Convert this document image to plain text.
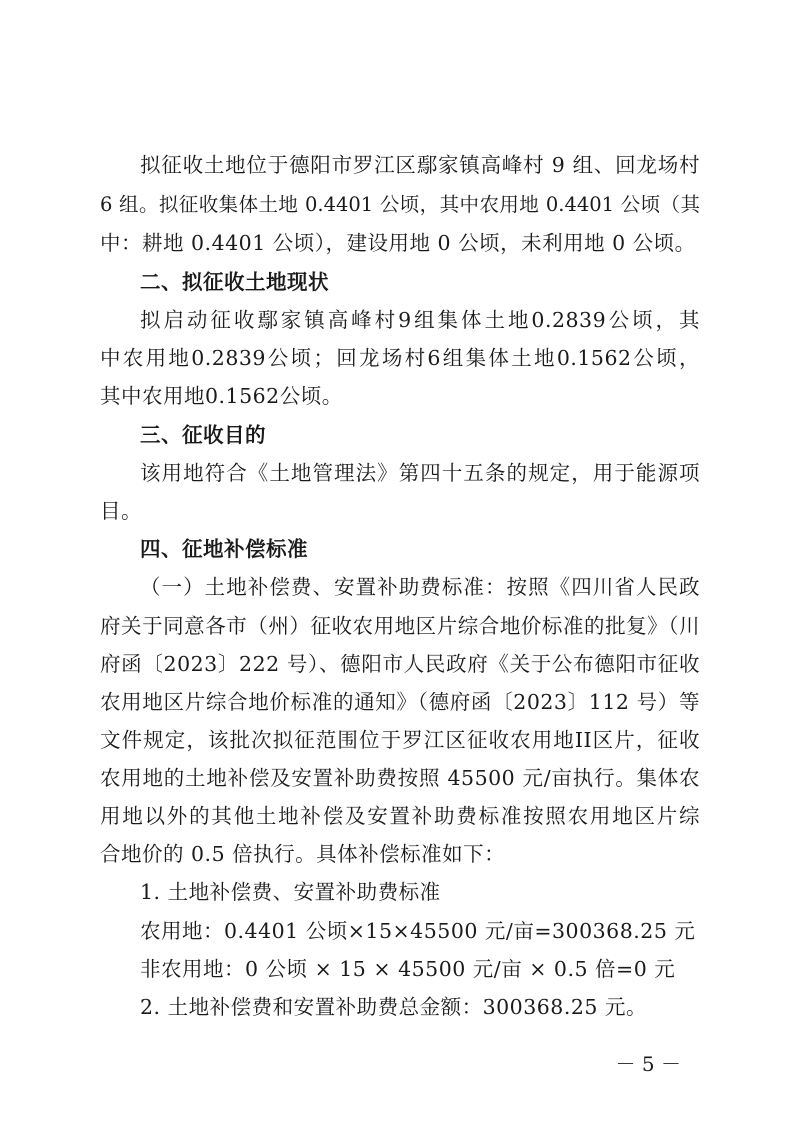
拟征收土地位于德阳市罗江区鄢家镇高峰村 9 组、回龙场村
6 组。拟征收集体土地 0.4401 公顷，其中农用地 0.4401 公顷（其
中：耕地 0.4401 公顷），建设用地 0 公顷，未利用地 0 公顷。
二、拟征收土地现状
拟启动征收鄢家镇高峰村9组集体土地0.2839公顷，其
中农用地0.2839公顷；回龙场村6组集体土地0.1562公顷，
其中农用地0.1562公顷。
三、征收目的
该用地符合《土地管理法》第四十五条的规定，用于能源项
目。
四、征地补偿标准
（一）土地补偿费、安置补助费标准：按照《四川省人民政
府关于同意各市（州）征收农用地区片综合地价标准的批复》（川
府函〔2023〕222 号）、德阳市人民政府《关于公布德阳市征收
农用地区片综合地价标准的通知》（德府函〔2023〕112 号）等
文件规定，该批次拟征范围位于罗江区征收农用地II区片，征收
农用地的土地补偿及安置补助费按照 45500 元/亩执行。集体农
用地以外的其他土地补偿及安置补助费标准按照农用地区片综
合地价的 0.5 倍执行。具体补偿标准如下：
1. 土地补偿费、安置补助费标准
农用地：0.4401 公顷×15×45500 元/亩=300368.25 元
非农用地：0 公顷 × 15 × 45500 元/亩 × 0.5 倍=0 元
2. 土地补偿费和安置补助费总金额：300368.25 元。
－ 5 －
